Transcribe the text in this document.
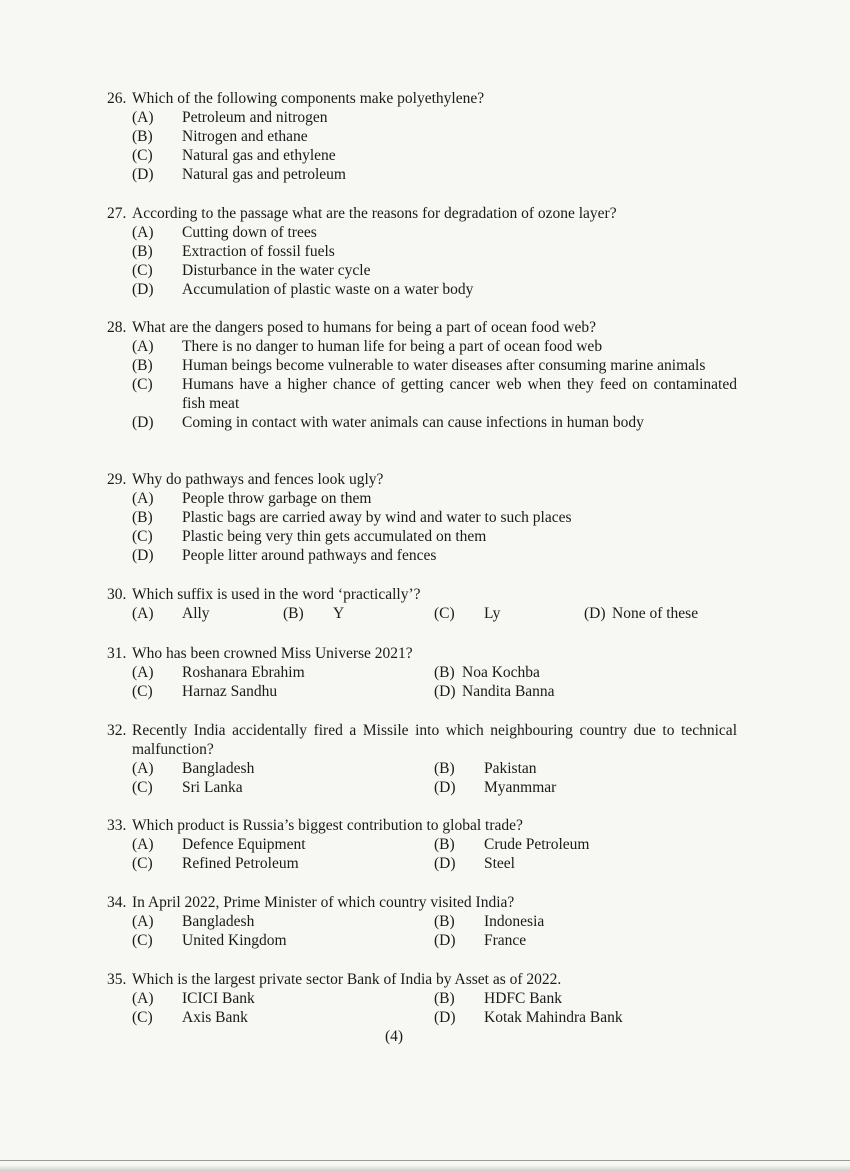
26. Which of the following components make polyethylene?
(A)	Petroleum and nitrogen
(B)	Nitrogen and ethane
(C)	Natural gas and ethylene
(D)	Natural gas and petroleum
27. According to the passage what are the reasons for degradation of ozone layer?
(A)	Cutting down of trees
(B)	Extraction of fossil fuels
(C)	Disturbance in the water cycle
(D)	Accumulation of plastic waste on a water body
28. What are the dangers posed to humans for being a part of ocean food web?
(A)	There is no danger to human life for being a part of ocean food web
(B)	Human beings become vulnerable to water diseases after consuming marine animals
(C)	Humans have a higher chance of getting cancer web when they feed on contaminated fish meat
(D)	Coming in contact with water animals can cause infections in human body
29. Why do pathways and fences look ugly?
(A)	People throw garbage on them
(B)	Plastic bags are carried away by wind and water to such places
(C)	Plastic being very thin gets accumulated on them
(D)	People litter around pathways and fences
30. Which suffix is used in the word ‘practically’?
(A)	Ally	(B)	Y	(C)	Ly	(D) None of these
31. Who has been crowned Miss Universe 2021?
(A)	Roshanara Ebrahim	(B) Noa Kochba
(C)	Harnaz Sandhu	(D) Nandita Banna
32. Recently India accidentally fired a Missile into which neighbouring country due to technical malfunction?
(A)	Bangladesh	(B)	Pakistan
(C)	Sri Lanka	(D)	Myanmmar
33. Which product is Russia’s biggest contribution to global trade?
(A)	Defence Equipment	(B)	Crude Petroleum
(C)	Refined Petroleum	(D)	Steel
34. In April 2022, Prime Minister of which country visited India?
(A)	Bangladesh	(B)	Indonesia
(C)	United Kingdom	(D)	France
35. Which is the largest private sector Bank of India by Asset as of 2022.
(A)	ICICI Bank	(B)	HDFC Bank
(C)	Axis Bank	(D)	Kotak Mahindra Bank
(4)
